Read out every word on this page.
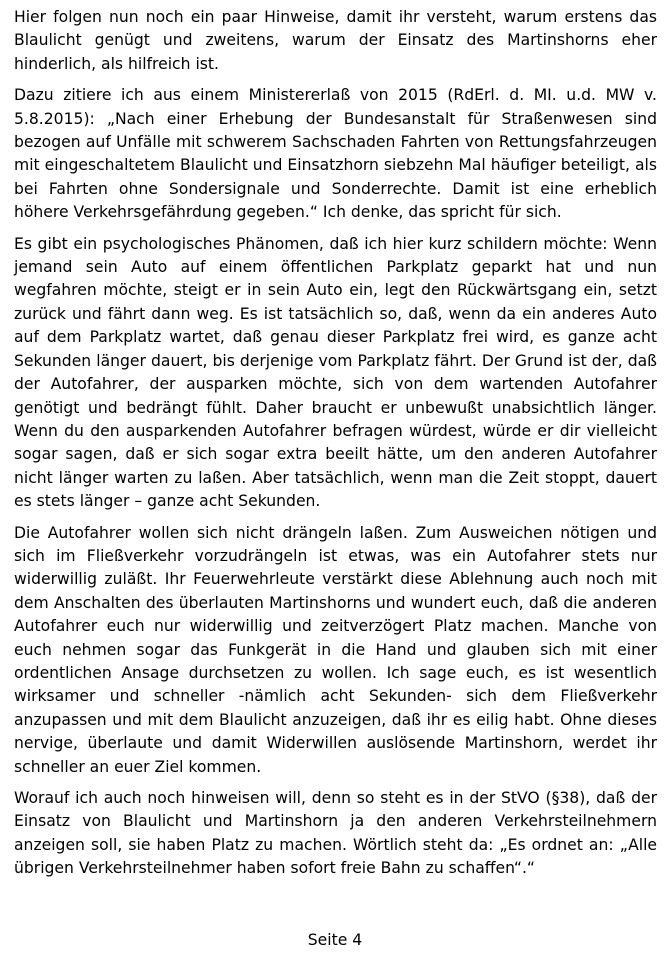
Hier folgen nun noch ein paar Hinweise, damit ihr versteht, warum erstens das Blaulicht genügt und zweitens, warum der Einsatz des Martinshorns eher hinderlich, als hilfreich ist.

Dazu zitiere ich aus einem Ministererlaß von 2015 (RdErl. d. MI. u.d. MW v. 5.8.2015): „Nach einer Erhebung der Bundesanstalt für Straßenwesen sind bezogen auf Unfälle mit schwerem Sachschaden Fahrten von Rettungsfahrzeugen mit eingeschaltetem Blaulicht und Einsatzhorn siebzehn Mal häufiger beteiligt, als bei Fahrten ohne Sondersignale und Sonderrechte. Damit ist eine erheblich höhere Verkehrsgefährdung gegeben.“ Ich denke, das spricht für sich.

Es gibt ein psychologisches Phänomen, daß ich hier kurz schildern möchte: Wenn jemand sein Auto auf einem öffentlichen Parkplatz geparkt hat und nun wegfahren möchte, steigt er in sein Auto ein, legt den Rückwärtsgang ein, setzt zurück und fährt dann weg. Es ist tatsächlich so, daß, wenn da ein anderes Auto auf dem Parkplatz wartet, daß genau dieser Parkplatz frei wird, es ganze acht Sekunden länger dauert, bis derjenige vom Parkplatz fährt. Der Grund ist der, daß der Autofahrer, der ausparken möchte, sich von dem wartenden Autofahrer genötigt und bedrängt fühlt. Daher braucht er unbewußt unabsichtlich länger. Wenn du den ausparkenden Autofahrer befragen würdest, würde er dir vielleicht sogar sagen, daß er sich sogar extra beeilt hätte, um den anderen Autofahrer nicht länger warten zu laßen. Aber tatsächlich, wenn man die Zeit stoppt, dauert es stets länger – ganze acht Sekunden.

Die Autofahrer wollen sich nicht drängeln laßen. Zum Ausweichen nötigen und sich im Fließverkehr vorzudrängeln ist etwas, was ein Autofahrer stets nur widerwillig zuläßt. Ihr Feuerwehrleute verstärkt diese Ablehnung auch noch mit dem Anschalten des überlauten Martinshorns und wundert euch, daß die anderen Autofahrer euch nur widerwillig und zeitverzögert Platz machen. Manche von euch nehmen sogar das Funkgerät in die Hand und glauben sich mit einer ordentlichen Ansage durchsetzen zu wollen. Ich sage euch, es ist wesentlich wirksamer und schneller -nämlich acht Sekunden- sich dem Fließverkehr anzupassen und mit dem Blaulicht anzuzeigen, daß ihr es eilig habt. Ohne dieses nervige, überlaute und damit Widerwillen auslösende Martinshorn, werdet ihr schneller an euer Ziel kommen.

Worauf ich auch noch hinweisen will, denn so steht es in der StVO (§38), daß der Einsatz von Blaulicht und Martinshorn ja den anderen Verkehrsteilnehmern anzeigen soll, sie haben Platz zu machen. Wörtlich steht da: „Es ordnet an: „Alle übrigen Verkehrsteilnehmer haben sofort freie Bahn zu schaffen“.“

Seite 4
